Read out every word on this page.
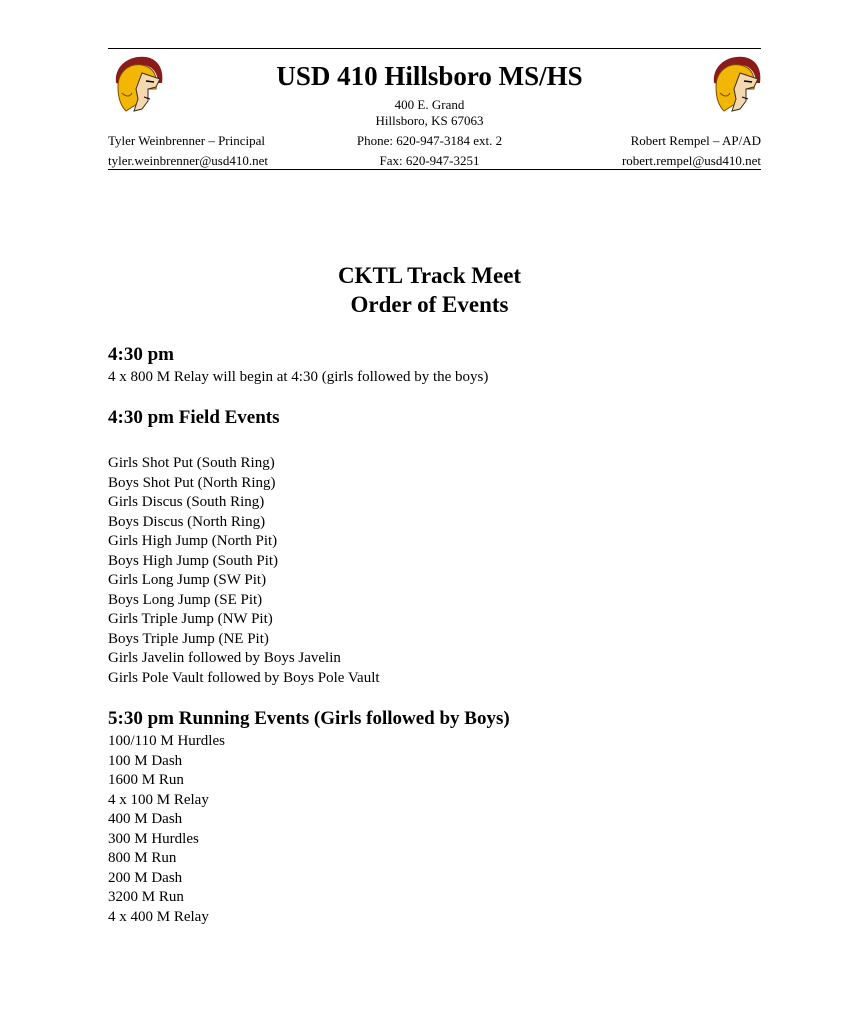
USD 410 Hillsboro MS/HS
400 E. Grand
Hillsboro, KS 67063
Tyler Weinbrenner – Principal	Phone: 620-947-3184 ext. 2	Robert Rempel – AP/AD
tyler.weinbrenner@usd410.net	Fax: 620-947-3251	robert.rempel@usd410.net
CKTL Track Meet
Order of Events
4:30 pm
4 x 800 M Relay will begin at 4:30 (girls followed by the boys)
4:30 pm Field Events
Girls Shot Put (South Ring)
Boys Shot Put (North Ring)
Girls Discus (South Ring)
Boys Discus (North Ring)
Girls High Jump (North Pit)
Boys High Jump (South Pit)
Girls Long Jump (SW Pit)
Boys Long Jump (SE Pit)
Girls Triple Jump (NW Pit)
Boys Triple Jump (NE Pit)
Girls Javelin followed by Boys Javelin
Girls Pole Vault followed by Boys Pole Vault
5:30 pm Running Events (Girls followed by Boys)
100/110 M Hurdles
100 M Dash
1600 M Run
4 x 100 M Relay
400 M Dash
300 M Hurdles
800 M Run
200 M Dash
3200 M Run
4 x 400 M Relay
